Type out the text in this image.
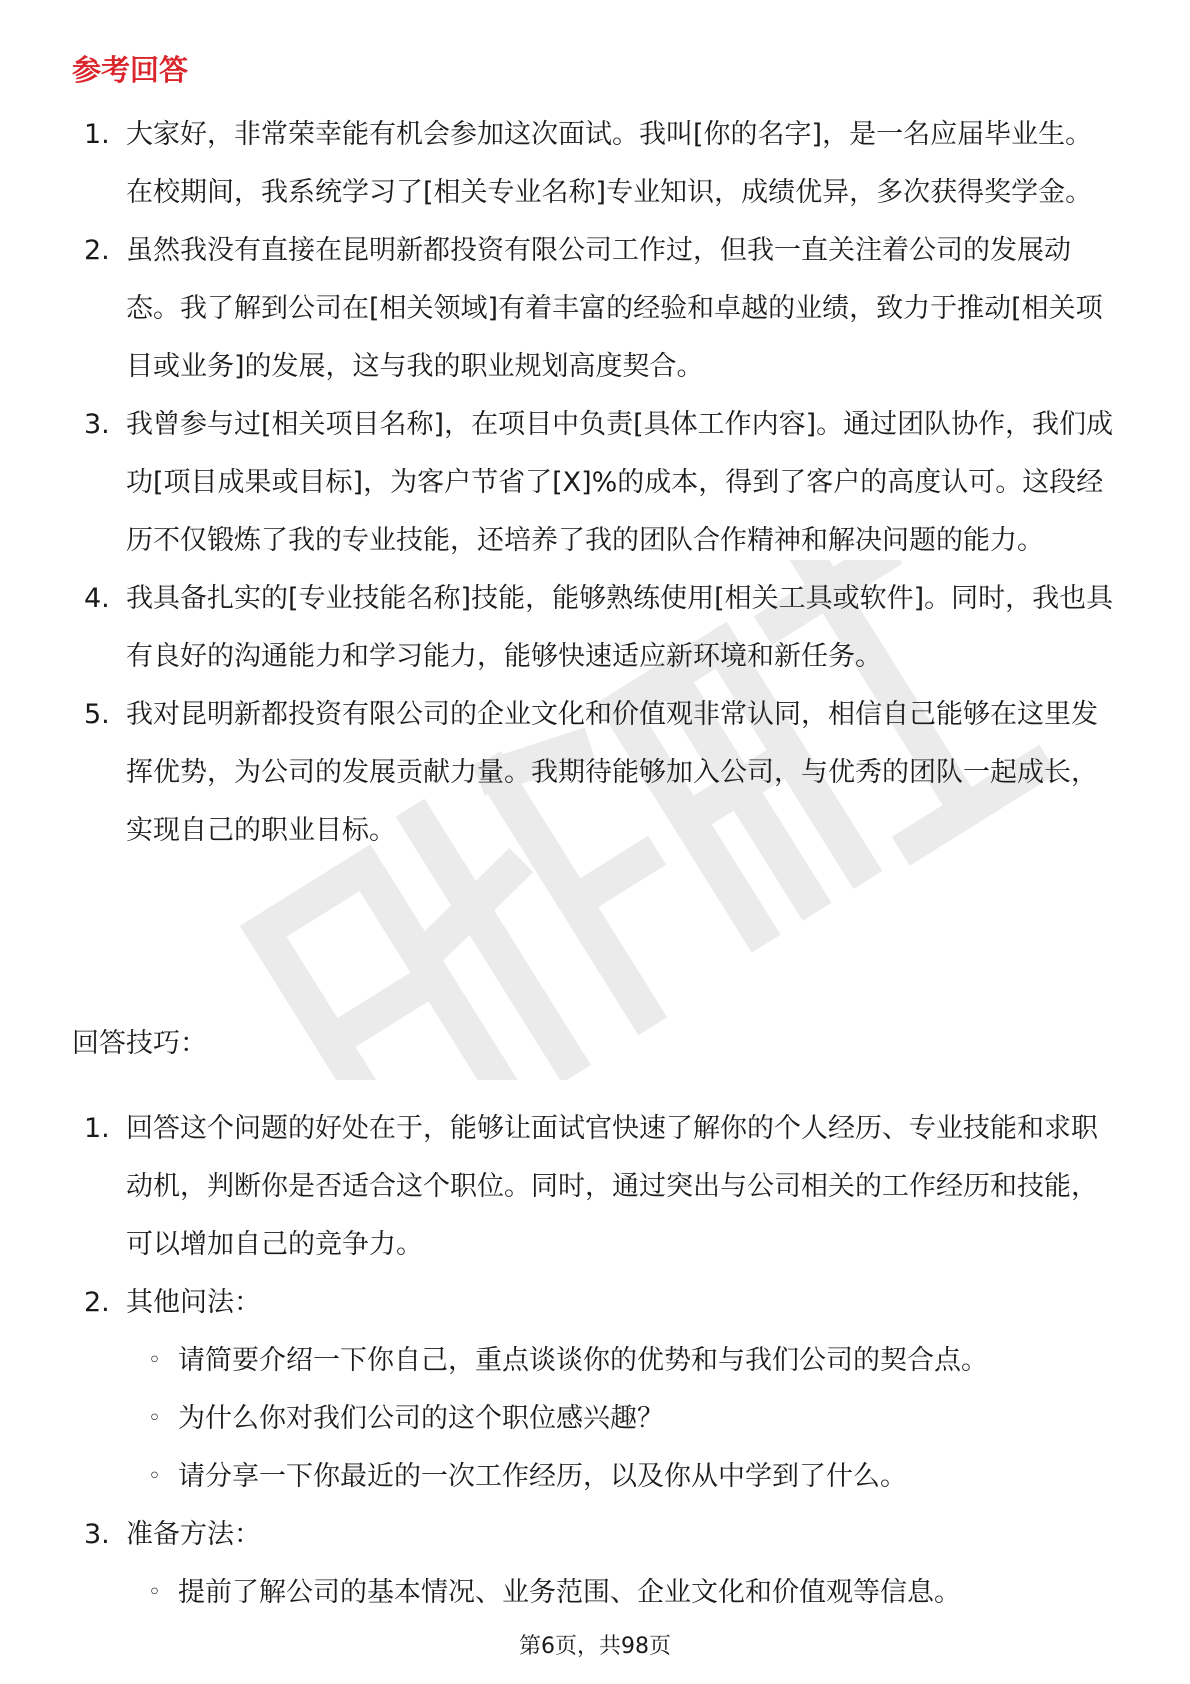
参考回答
1. 大家好，非常荣幸能有机会参加这次面试。我叫[你的名字]，是一名应届毕业生。在校期间，我系统学习了[相关专业名称]专业知识，成绩优异，多次获得奖学金。
2. 虽然我没有直接在昆明新都投资有限公司工作过，但我一直关注着公司的发展动态。我了解到公司在[相关领域]有着丰富的经验和卓越的业绩，致力于推动[相关项目或业务]的发展，这与我的职业规划高度契合。
3. 我曾参与过[相关项目名称]，在项目中负责[具体工作内容]。通过团队协作，我们成功[项目成果或目标]，为客户节省了[X]%的成本，得到了客户的高度认可。这段经历不仅锻炼了我的专业技能，还培养了我的团队合作精神和解决问题的能力。
4. 我具备扎实的[专业技能名称]技能，能够熟练使用[相关工具或软件]。同时，我也具有良好的沟通能力和学习能力，能够快速适应新环境和新任务。
5. 我对昆明新都投资有限公司的企业文化和价值观非常认同，相信自己能够在这里发挥优势，为公司的发展贡献力量。我期待能够加入公司，与优秀的团队一起成长，实现自己的职业目标。
回答技巧：
1. 回答这个问题的好处在于，能够让面试官快速了解你的个人经历、专业技能和求职动机，判断你是否适合这个职位。同时，通过突出与公司相关的工作经历和技能，可以增加自己的竞争力。
2. 其他问法：
◦ 请简要介绍一下你自己，重点谈谈你的优势和与我们公司的契合点。
◦ 为什么你对我们公司的这个职位感兴趣？
◦ 请分享一下你最近的一次工作经历，以及你从中学到了什么。
3. 准备方法：
◦ 提前了解公司的基本情况、业务范围、企业文化和价值观等信息。
第6页，共98页
